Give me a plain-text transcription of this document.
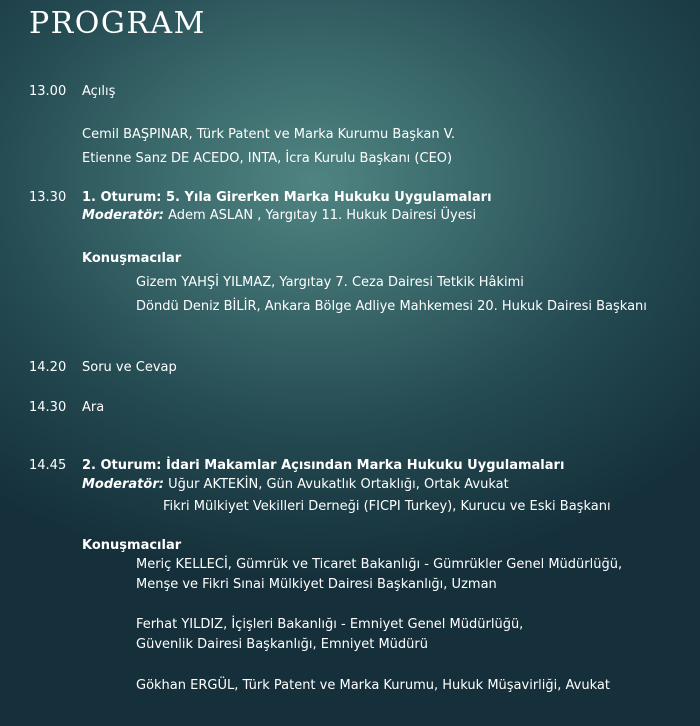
PROGRAM
13.00 Açılış
Cemil BAŞPINAR, Türk Patent ve Marka Kurumu Başkan V.
Etienne Sanz DE ACEDO, INTA, İcra Kurulu Başkanı (CEO)
13.30 1. Oturum: 5. Yıla Girerken Marka Hukuku Uygulamaları
Moderatör: Adem ASLAN , Yargıtay 11. Hukuk Dairesi Üyesi
Konuşmacılar
Gizem YAHŞİ YILMAZ, Yargıtay 7. Ceza Dairesi Tetkik Hâkimi
Döndü Deniz BİLİR, Ankara Bölge Adliye Mahkemesi 20. Hukuk Dairesi Başkanı
14.20 Soru ve Cevap
14.30 Ara
14.45 2. Oturum: İdari Makamlar Açısından Marka Hukuku Uygulamaları
Moderatör: Uğur AKTEKİN, Gün Avukatlık Ortaklığı, Ortak Avukat
Fikri Mülkiyet Vekilleri Derneği (FICPI Turkey), Kurucu ve Eski Başkanı
Konuşmacılar
Meriç KELLECİ, Gümrük ve Ticaret Bakanlığı - Gümrükler Genel Müdürlüğü,
Menşe ve Fikri Sınai Mülkiyet Dairesi Başkanlığı, Uzman
Ferhat YILDIZ, İçişleri Bakanlığı - Emniyet Genel Müdürlüğü,
Güvenlik Dairesi Başkanlığı, Emniyet Müdürü
Gökhan ERGÜL, Türk Patent ve Marka Kurumu, Hukuk Müşavirliği, Avukat
